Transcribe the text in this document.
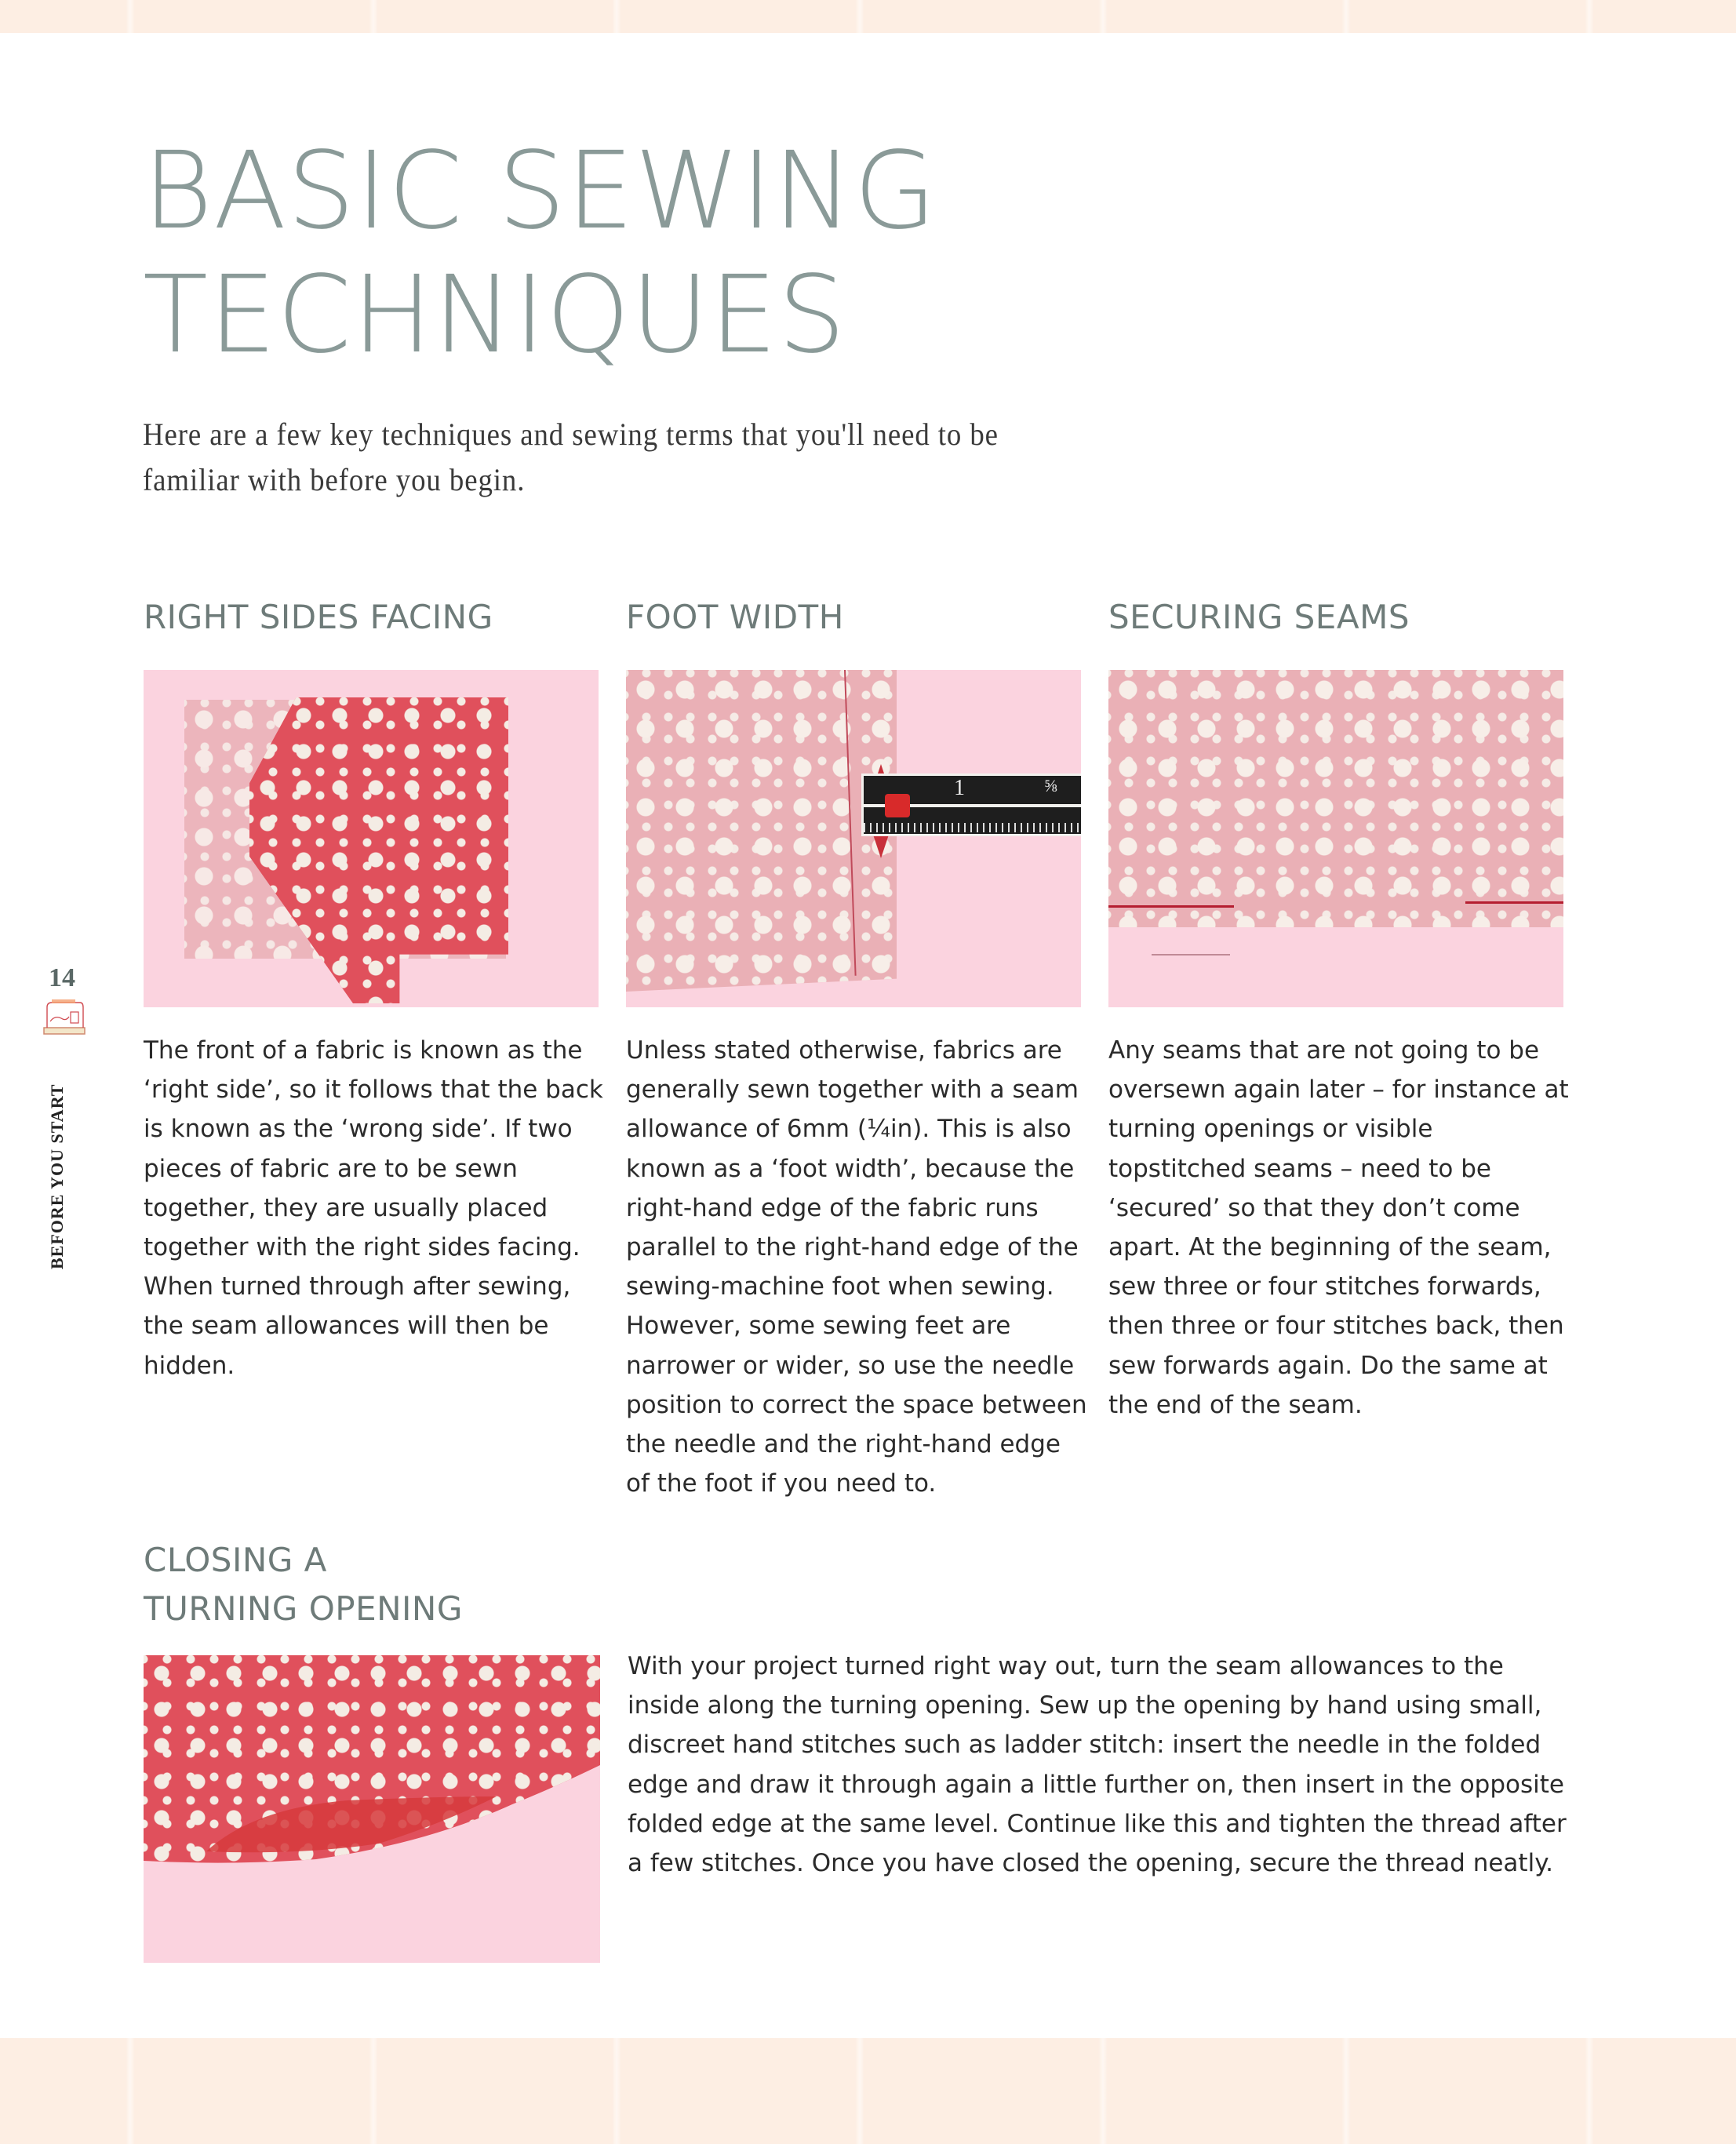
BASIC SEWING
TECHNIQUES

Here are a few key techniques and sewing terms that you'll need to be familiar with before you begin.

14
BEFORE YOU START
RIGHT SIDES FACING

The front of a fabric is known as the ‘right side’, so it follows that the back is known as the ‘wrong side’. If two pieces of fabric are to be sewn together, they are usually placed together with the right sides facing. When turned through after sewing, the seam allowances will then be hidden.

FOOT WIDTH
1	⅝

Unless stated otherwise, fabrics are generally sewn together with a seam allowance of 6mm (¼in). This is also known as a ‘foot width’, because the right-hand edge of the fabric runs parallel to the right-hand edge of the sewing-machine foot when sewing. However, some sewing feet are narrower or wider, so use the needle position to correct the space between the needle and the right-hand edge of the foot if you need to.

SECURING SEAMS

Any seams that are not going to be oversewn again later – for instance at turning openings or visible topstitched seams – need to be ‘secured’ so that they don’t come apart. At the beginning of the seam, sew three or four stitches forwards, then three or four stitches back, then sew forwards again. Do the same at the end of the seam.

CLOSING A
TURNING OPENING

With your project turned right way out, turn the seam allowances to the inside along the turning opening. Sew up the opening by hand using small, discreet hand stitches such as ladder stitch: insert the needle in the folded edge and draw it through again a little further on, then insert in the opposite folded edge at the same level. Continue like this and tighten the thread after a few stitches. Once you have closed the opening, secure the thread neatly.
